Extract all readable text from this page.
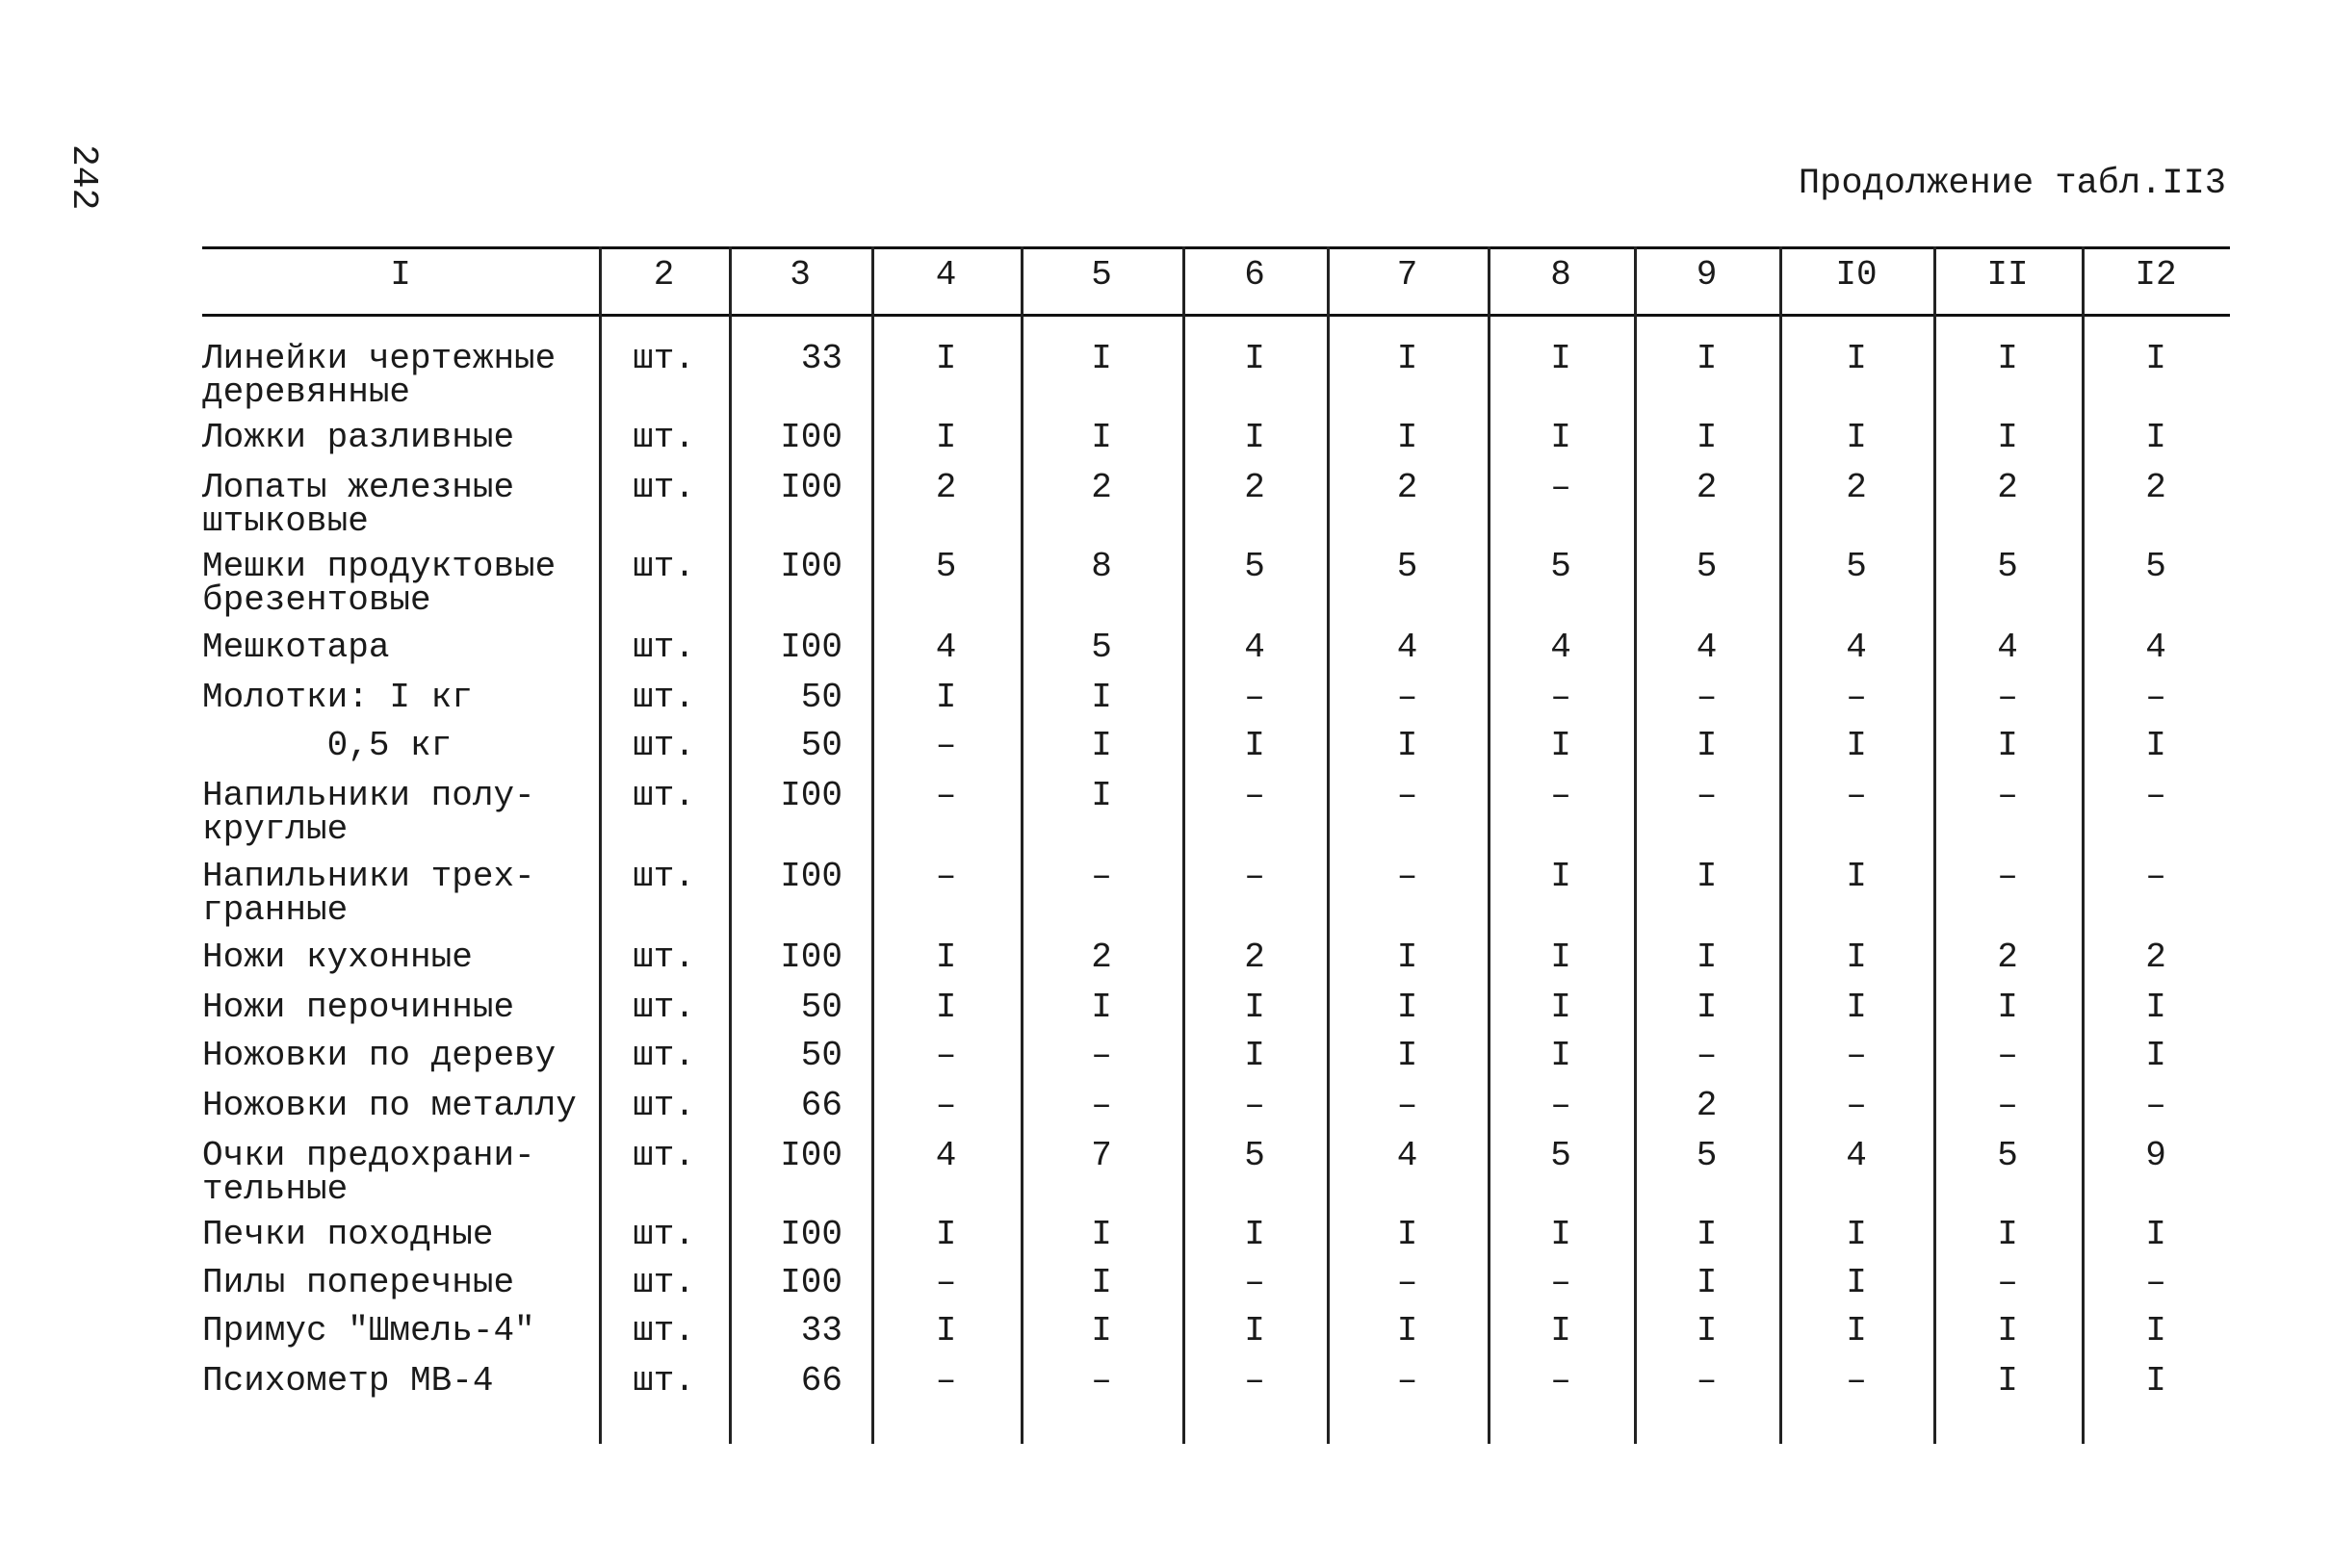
242	Продолжение табл.II3
I	2	3	4	5	6	7	8	9	I0	II	I2
Линейки чертежные
деревянные
шт.	33	I	I	I	I	I	I	I	I	I
Ложки разливные	шт.	I00	I	I	I	I	I	I	I	I	I
Лопаты железные
штыковые
шт.	I00	2	2	2	2	–	2	2	2	2
Мешки продуктовые
брезентовые
шт.	I00	5	8	5	5	5	5	5	5	5
Мешкотара	шт.	I00	4	5	4	4	4	4	4	4	4
Молотки: I кг	шт.	50	I	I	–	–	–	–	–	–	–
0,5 кг	шт.	50	–	I	I	I	I	I	I	I	I
Напильники полу-
круглые
шт.	I00	–	I	–	–	–	–	–	–	–
Напильники трех-
гранные
шт.	I00	–	–	–	–	I	I	I	–	–
Ножи кухонные	шт.	I00	I	2	2	I	I	I	I	2	2
Ножи перочинные	шт.	50	I	I	I	I	I	I	I	I	I
Ножовки по дереву	шт.	50	–	–	I	I	I	–	–	–	I
Ножовки по металлу	шт.	66	–	–	–	–	–	2	–	–	–
Очки предохрани-
тельные
шт.	I00	4	7	5	4	5	5	4	5	9
Печки походные	шт.	I00	I	I	I	I	I	I	I	I	I
Пилы поперечные	шт.	I00	–	I	–	–	–	I	I	–	–
Примус "Шмель-4"	шт.	33	I	I	I	I	I	I	I	I	I
Психометр МВ-4	шт.	66	–	–	–	–	–	–	–	I	I
